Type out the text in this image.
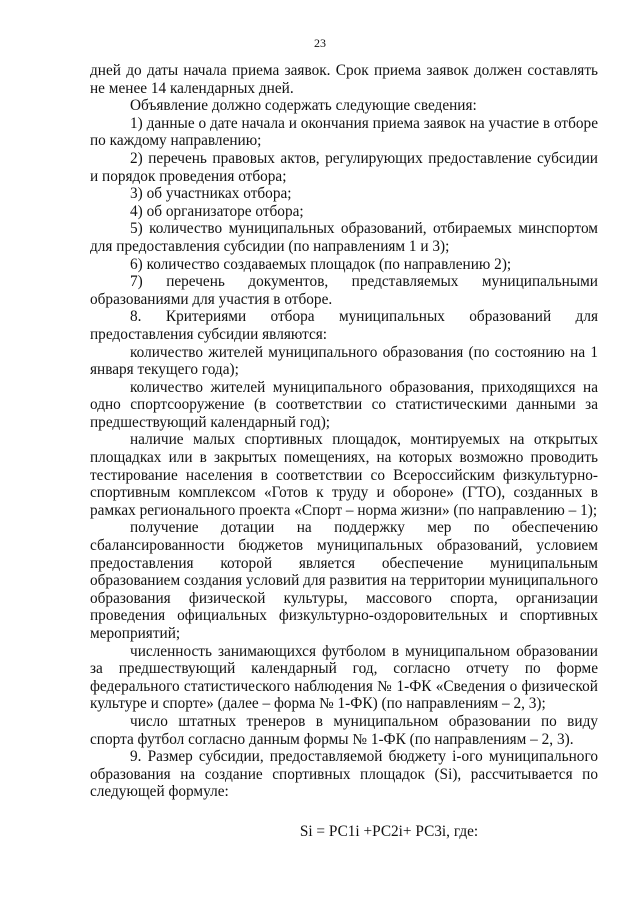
23

дней до даты начала приема заявок. Срок приема заявок должен составлять не менее 14 календарных дней.

Объявление должно содержать следующие сведения:

1) данные о дате начала и окончания приема заявок на участие в отборе по каждому направлению;

2) перечень правовых актов, регулирующих предоставление субсидии и порядок проведения отбора;

3) об участниках отбора;

4) об организаторе отбора;

5) количество муниципальных образований, отбираемых минспортом для предоставления субсидии (по направлениям 1 и 3);

6) количество создаваемых площадок (по направлению 2);

7) перечень документов, представляемых муниципальными образованиями для участия в отборе.

8. Критериями отбора муниципальных образований для предоставления субсидии являются:

количество жителей муниципального образования (по состоянию на 1 января текущего года);

количество жителей муниципального образования, приходящихся на одно спортсооружение (в соответствии со статистическими данными за предшествующий календарный год);

наличие малых спортивных площадок, монтируемых на открытых площадках или в закрытых помещениях, на которых возможно проводить тестирование населения в соответствии со Всероссийским физкультурно-спортивным комплексом «Готов к труду и обороне» (ГТО), созданных в рамках регионального проекта «Спорт – норма жизни» (по направлению – 1);

получение дотации на поддержку мер по обеспечению сбалансированности бюджетов муниципальных образований, условием предоставления которой является обеспечение муниципальным образованием создания условий для развития на территории муниципального образования физической культуры, массового спорта, организации проведения официальных физкультурно-оздоровительных и спортивных мероприятий;

численность занимающихся футболом в муниципальном образовании за предшествующий календарный год, согласно отчету по форме федерального статистического наблюдения № 1-ФК «Сведения о физической культуре и спорте» (далее – форма № 1-ФК) (по направлениям – 2, 3);

число штатных тренеров в муниципальном образовании по виду спорта футбол согласно данным формы № 1-ФК (по направлениям – 2, 3).

9. Размер субсидии, предоставляемой бюджету i-ого муниципального образования на создание спортивных площадок (Si), рассчитывается по следующей формуле:

Si = РС1i +РС2i+ РС3i, где:
